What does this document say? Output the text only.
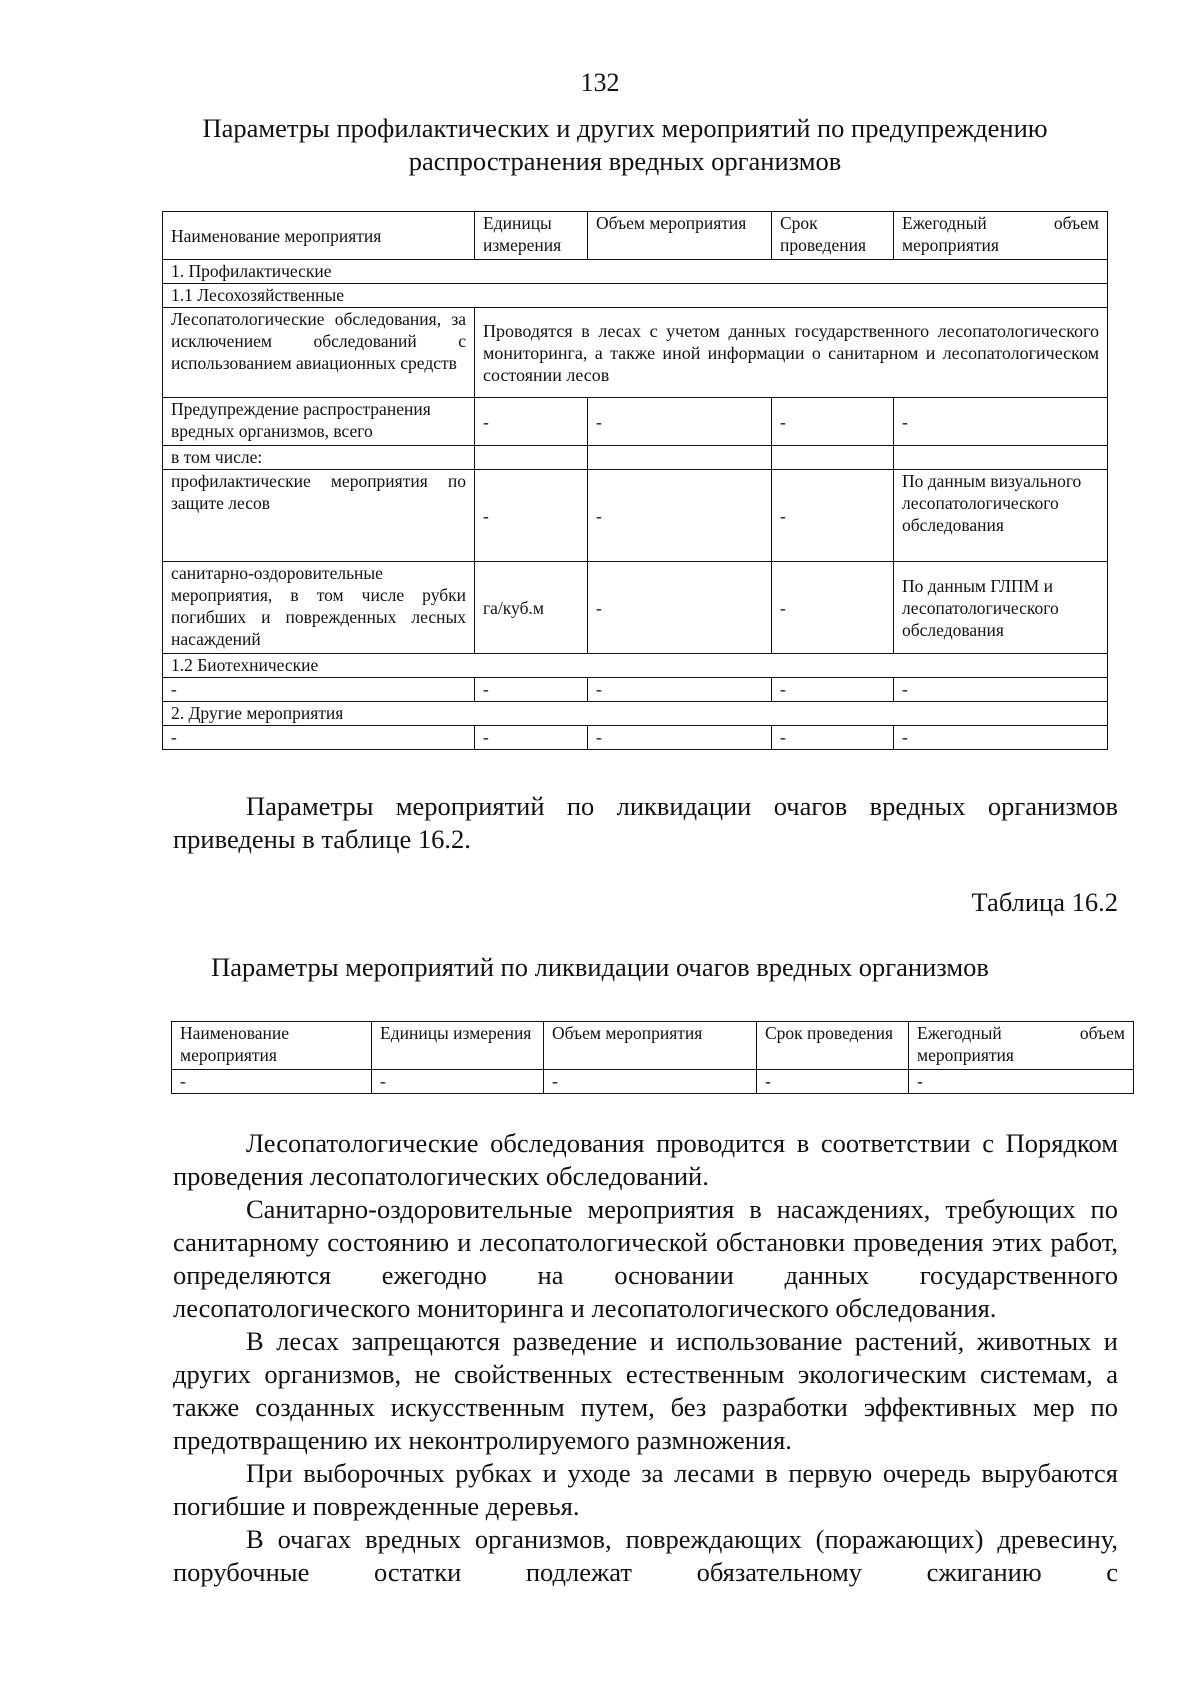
132
Параметры профилактических и других мероприятий по предупреждению распространения вредных организмов
Наименование мероприятия	Единицы измерения	Объем мероприятия	Срок проведения	Ежегодный объем мероприятия
1. Профилактические				
1.1 Лесохозяйственные				
Лесопатологические обследования, за исключением обследований с использованием авиационных средств	Проводятся в лесах с учетом данных государственного лесопатологического мониторинга, а также иной информации о санитарном и лесопатологическом состоянии лесов			
Предупреждение распространения вредных организмов, всего	-	-	-	-
в том числе:				
профилактические мероприятия по защите лесов	-	-	-	По данным визуального лесопатологического обследования
санитарно-оздоровительные мероприятия, в том числе рубки погибших и поврежденных лесных насаждений	га/куб.м	-	-	По данным ГЛПМ и лесопатологического обследования
1.2 Биотехнические				
-	-	-	-	-
2. Другие мероприятия				
-	-	-	-	-
Параметры мероприятий по ликвидации очагов вредных организмов приведены в таблице 16.2.
Таблица 16.2
Параметры мероприятий по ликвидации очагов вредных организмов
Наименование мероприятия	Единицы измерения	Объем мероприятия	Срок проведения	Ежегодный объем мероприятия
-	-	-	-	-
Лесопатологические обследования проводится в соответствии с Порядком проведения лесопатологических обследований.
Санитарно-оздоровительные мероприятия в насаждениях, требующих по санитарному состоянию и лесопатологической обстановки проведения этих работ, определяются ежегодно на основании данных государственного лесопатологического мониторинга и лесопатологического обследования.
В лесах запрещаются разведение и использование растений, животных и других организмов, не свойственных естественным экологическим системам, а также созданных искусственным путем, без разработки эффективных мер по предотвращению их неконтролируемого размножения.
При выборочных рубках и уходе за лесами в первую очередь вырубаются погибшие и поврежденные деревья.
В очагах вредных организмов, повреждающих (поражающих) древесину, порубочные остатки подлежат обязательному сжиганию с
